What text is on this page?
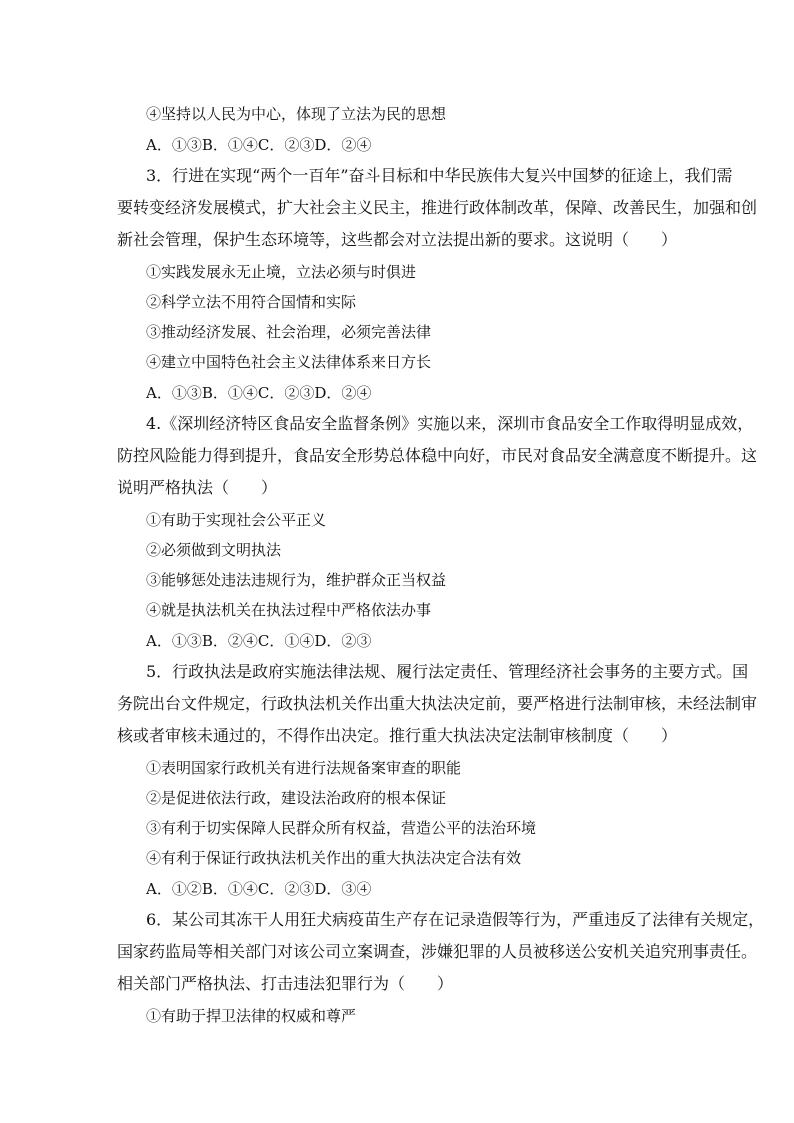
④坚持以人民为中心，体现了立法为民的思想
A．①③B．①④C．②③D．②④
3．行进在实现“两个一百年”奋斗目标和中华民族伟大复兴中国梦的征途上，我们需
要转变经济发展模式，扩大社会主义民主，推进行政体制改革，保障、改善民生，加强和创
新社会管理，保护生态环境等，这些都会对立法提出新的要求。这说明（　　）
①实践发展永无止境，立法必须与时俱进
②科学立法不用符合国情和实际
③推动经济发展、社会治理，必须完善法律
④建立中国特色社会主义法律体系来日方长
A．①③B．①④C．②③D．②④
4.《深圳经济特区食品安全监督条例》实施以来，深圳市食品安全工作取得明显成效，
防控风险能力得到提升，食品安全形势总体稳中向好，市民对食品安全满意度不断提升。这
说明严格执法（　　）
①有助于实现社会公平正义
②必须做到文明执法
③能够惩处违法违规行为，维护群众正当权益
④就是执法机关在执法过程中严格依法办事
A．①③B．②④C．①④D．②③
5．行政执法是政府实施法律法规、履行法定责任、管理经济社会事务的主要方式。国
务院出台文件规定，行政执法机关作出重大执法决定前，要严格进行法制审核，未经法制审
核或者审核未通过的，不得作出决定。推行重大执法决定法制审核制度（　　）
①表明国家行政机关有进行法规备案审查的职能
②是促进依法行政，建设法治政府的根本保证
③有利于切实保障人民群众所有权益，营造公平的法治环境
④有利于保证行政执法机关作出的重大执法决定合法有效
A．①②B．①④C．②③D．③④
6．某公司其冻干人用狂犬病疫苗生产存在记录造假等行为，严重违反了法律有关规定，
国家药监局等相关部门对该公司立案调查，涉嫌犯罪的人员被移送公安机关追究刑事责任。
相关部门严格执法、打击违法犯罪行为（　　）
①有助于捍卫法律的权威和尊严
